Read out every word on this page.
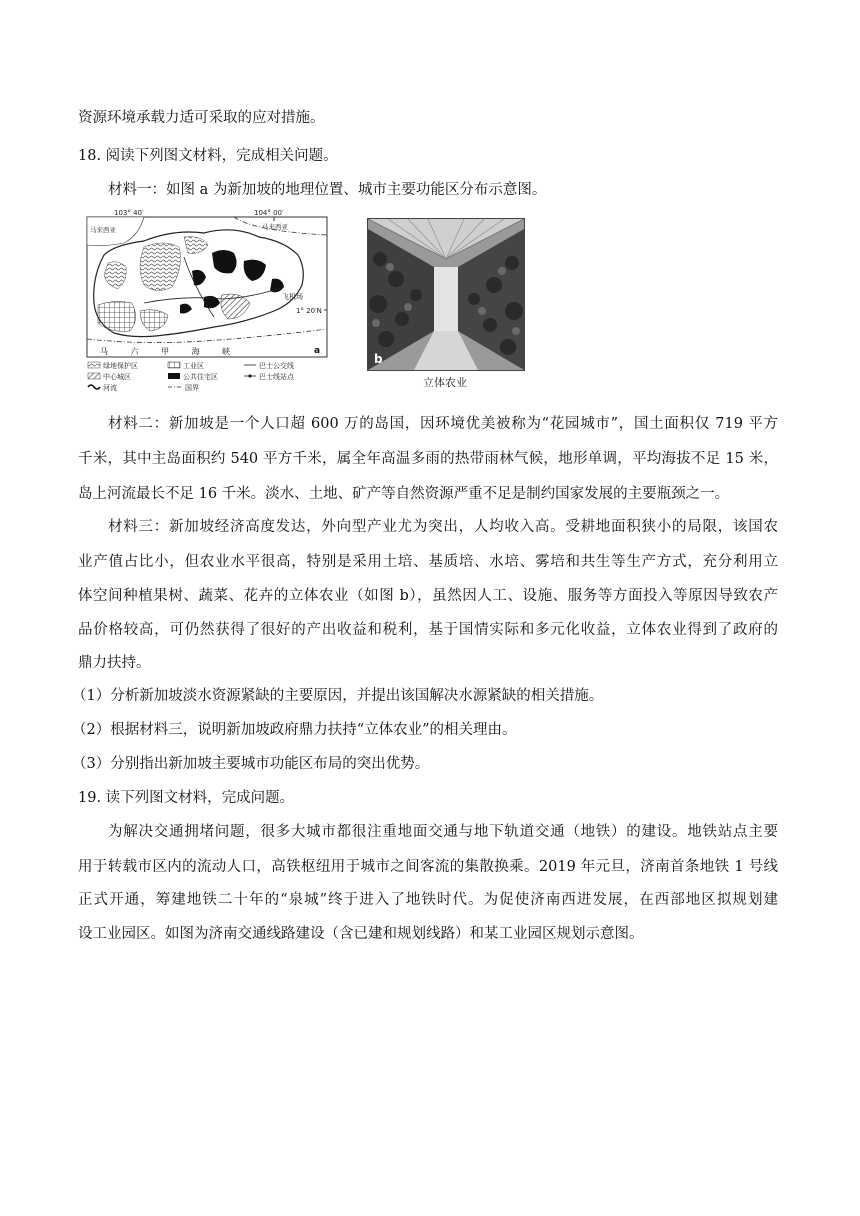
资源环境承载力适可采取的应对措施。
18. 阅读下列图文材料，完成相关问题。
材料一：如图 a 为新加坡的地理位置、城市主要功能区分布示意图。
103° 40′	104° 00′
马来西亚	马来西亚
飞机场
1° 20′N
马 六 甲 海 峡	a
绿地保护区	工业区	巴士公交线
中心城区	公共住宅区	巴士线站点
河流	国界
b
立体农业
材料二：新加坡是一个人口超 600 万的岛国，因环境优美被称为“花园城市”，国土面积仅 719 平方
千米，其中主岛面积约 540 平方千米，属全年高温多雨的热带雨林气候，地形单调，平均海拔不足 15 米，
岛上河流最长不足 16 千米。淡水、土地、矿产等自然资源严重不足是制约国家发展的主要瓶颈之一。
材料三：新加坡经济高度发达，外向型产业尤为突出，人均收入高。受耕地面积狭小的局限，该国农
业产值占比小，但农业水平很高，特别是采用土培、基质培、水培、雾培和共生等生产方式，充分利用立
体空间种植果树、蔬菜、花卉的立体农业（如图 b），虽然因人工、设施、服务等方面投入等原因导致农产
品价格较高，可仍然获得了很好的产出收益和税利，基于国情实际和多元化收益，立体农业得到了政府的
鼎力扶持。
（1）分析新加坡淡水资源紧缺的主要原因，并提出该国解决水源紧缺的相关措施。
（2）根据材料三，说明新加坡政府鼎力扶持“立体农业”的相关理由。
（3）分别指出新加坡主要城市功能区布局的突出优势。
19. 读下列图文材料，完成问题。
为解决交通拥堵问题，很多大城市都很注重地面交通与地下轨道交通（地铁）的建设。地铁站点主要
用于转载市区内的流动人口，高铁枢纽用于城市之间客流的集散换乘。2019 年元旦，济南首条地铁 1 号线
正式开通，筹建地铁二十年的“泉城”终于进入了地铁时代。为促使济南西进发展，在西部地区拟规划建
设工业园区。如图为济南交通线路建设（含已建和规划线路）和某工业园区规划示意图。
